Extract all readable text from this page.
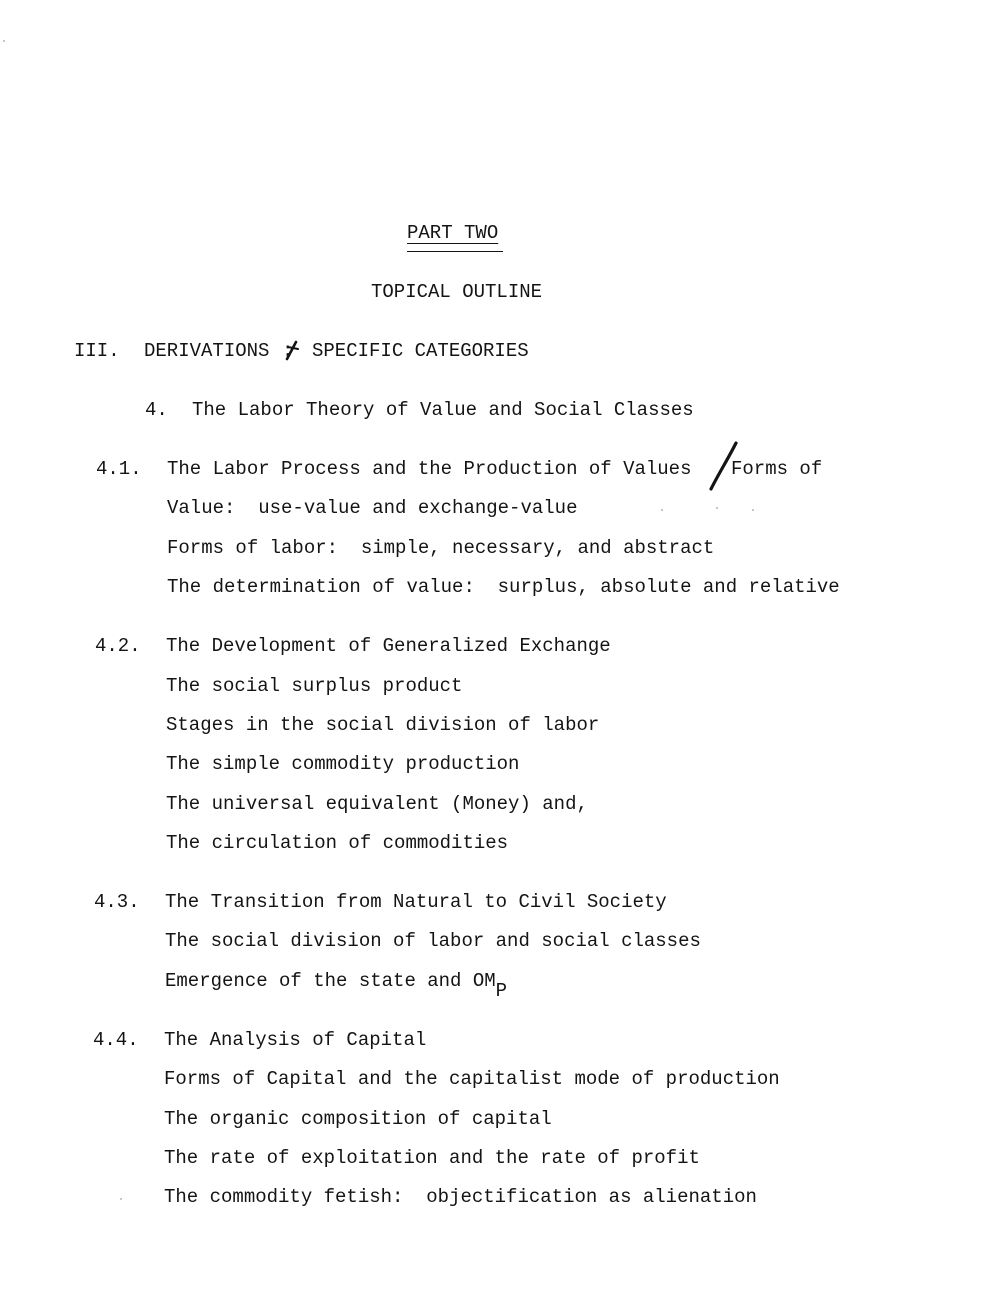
PART TWO
TOPICAL OUTLINE
III. DERIVATIONS : SPECIFIC CATEGORIES
4. The Labor Theory of Value and Social Classes
4.1. The Labor Process and the Production of Values Forms of
Value:  use-value and exchange-value
Forms of labor:  simple, necessary, and abstract
The determination of value:  surplus, absolute and relative
4.2. The Development of Generalized Exchange
The social surplus product
Stages in the social division of labor
The simple commodity production
The universal equivalent (Money) and,
The circulation of commodities
4.3. The Transition from Natural to Civil Society
The social division of labor and social classes
Emergence of the state and OMP
4.4. The Analysis of Capital
Forms of Capital and the capitalist mode of production
The organic composition of capital
The rate of exploitation and the rate of profit
The commodity fetish:  objectification as alienation
